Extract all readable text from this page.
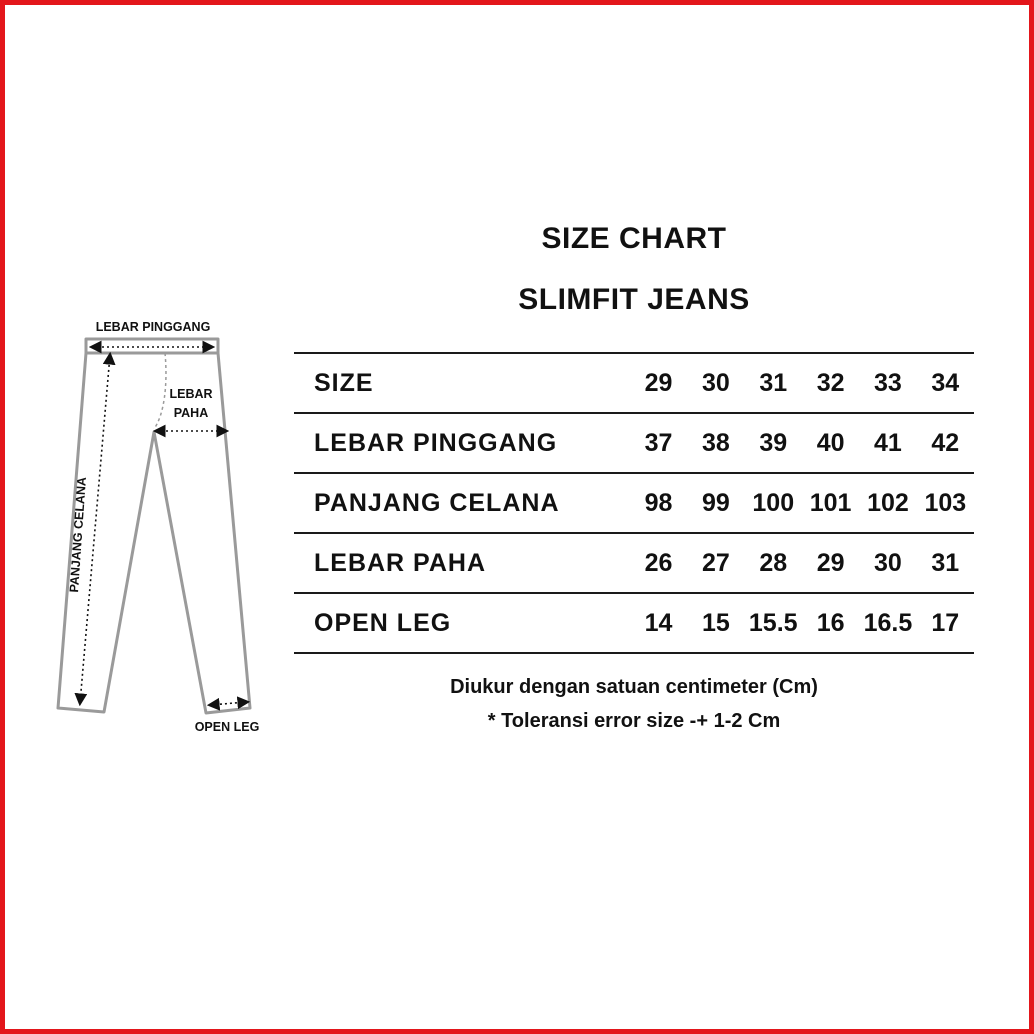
LEBAR PINGGANG
LEBAR
PAHA
PANJANG CELANA
OPEN LEG
SIZE CHART
SLIMFIT JEANS
SIZE	29	30	31	32	33	34
LEBAR PINGGANG	37	38	39	40	41	42
PANJANG CELANA	98	99	100	101	102	103
LEBAR PAHA	26	27	28	29	30	31
OPEN LEG	14	15	15.5	16	16.5	17

Diukur dengan satuan centimeter (Cm)

* Toleransi error size -+ 1-2 Cm
